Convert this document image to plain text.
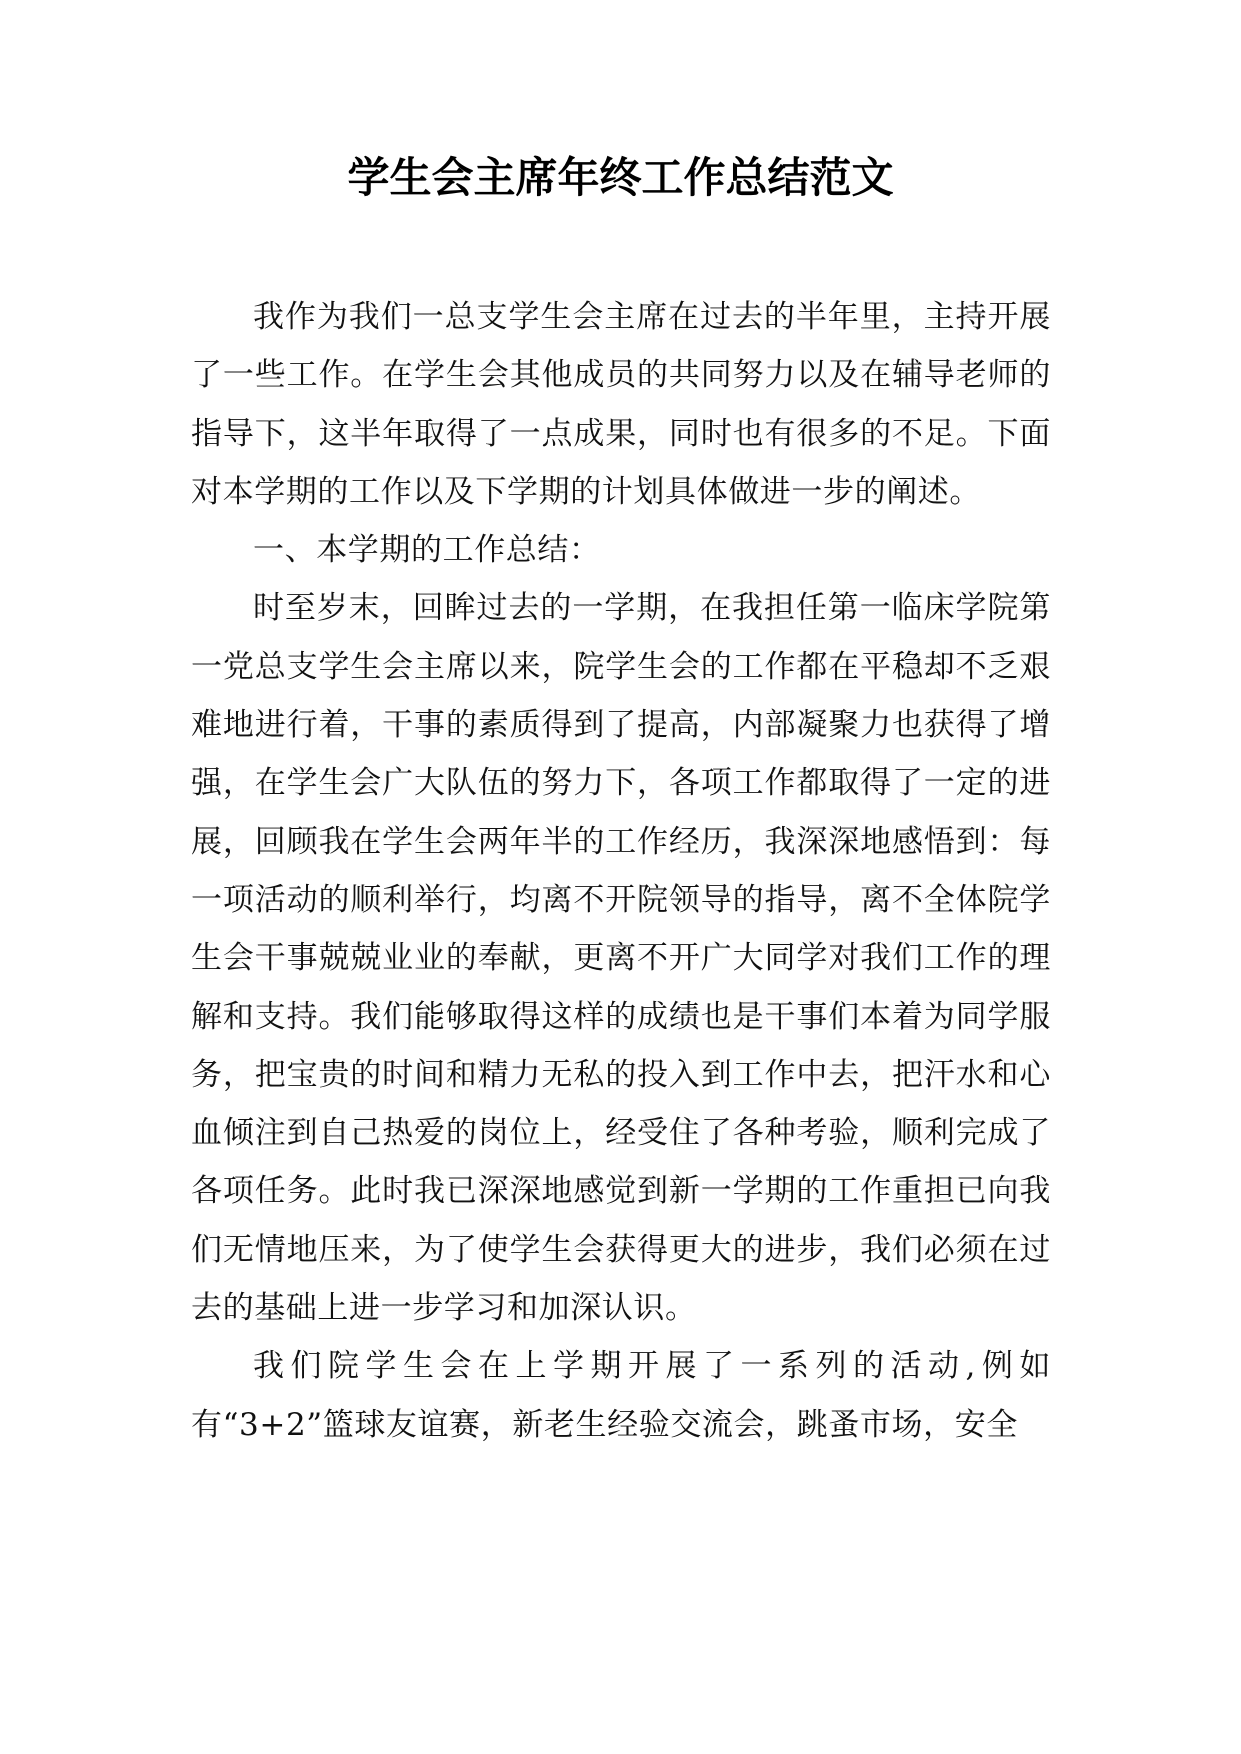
学生会主席年终工作总结范文

我作为我们一总支学生会主席在过去的半年里，主持开展了一些工作。在学生会其他成员的共同努力以及在辅导老师的指导下，这半年取得了一点成果，同时也有很多的不足。下面对本学期的工作以及下学期的计划具体做进一步的阐述。

一、本学期的工作总结：

时至岁末，回眸过去的一学期，在我担任第一临床学院第一党总支学生会主席以来，院学生会的工作都在平稳却不乏艰难地进行着，干事的素质得到了提高，内部凝聚力也获得了增强，在学生会广大队伍的努力下，各项工作都取得了一定的进展，回顾我在学生会两年半的工作经历，我深深地感悟到：每一项活动的顺利举行，均离不开院领导的指导，离不全体院学生会干事兢兢业业的奉献，更离不开广大同学对我们工作的理解和支持。我们能够取得这样的成绩也是干事们本着为同学服务，把宝贵的时间和精力无私的投入到工作中去，把汗水和心血倾注到自己热爱的岗位上，经受住了各种考验，顺利完成了各项任务。此时我已深深地感觉到新一学期的工作重担已向我们无情地压来，为了使学生会获得更大的进步，我们必须在过去的基础上进一步学习和加深认识。

我们院学生会在上学期开展了一系列的活动,例如有“3+2”篮球友谊赛，新老生经验交流会，跳蚤市场，安全
